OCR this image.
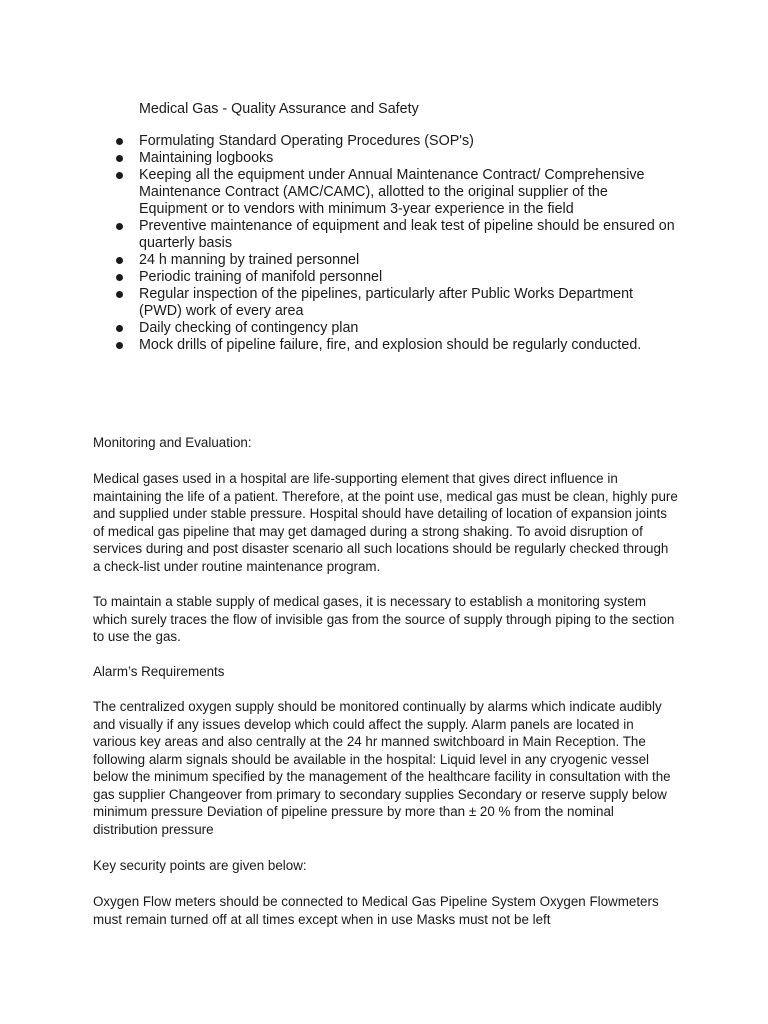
Medical Gas - Quality Assurance and Safety
Formulating Standard Operating Procedures (SOP's)
Maintaining logbooks
Keeping all the equipment under Annual Maintenance Contract/ Comprehensive Maintenance Contract (AMC/CAMC), allotted to the original supplier of the Equipment or to vendors with minimum 3-year experience in the field
Preventive maintenance of equipment and leak test of pipeline should be ensured on quarterly basis
24 h manning by trained personnel
Periodic training of manifold personnel
Regular inspection of the pipelines, particularly after Public Works Department (PWD) work of every area
Daily checking of contingency plan
Mock drills of pipeline failure, fire, and explosion should be regularly conducted.
Monitoring and Evaluation:

Medical gases used in a hospital are life-supporting element that gives direct influence in maintaining the life of a patient. Therefore, at the point use, medical gas must be clean, highly pure and supplied under stable pressure. Hospital should have detailing of location of expansion joints of medical gas pipeline that may get damaged during a strong shaking. To avoid disruption of services during and post disaster scenario all such locations should be regularly checked through a check-list under routine maintenance program.

To maintain a stable supply of medical gases, it is necessary to establish a monitoring system which surely traces the flow of invisible gas from the source of supply through piping to the section to use the gas.

Alarm’s Requirements

The centralized oxygen supply should be monitored continually by alarms which indicate audibly and visually if any issues develop which could affect the supply. Alarm panels are located in various key areas and also centrally at the 24 hr manned switchboard in Main Reception. The following alarm signals should be available in the hospital: Liquid level in any cryogenic vessel below the minimum specified by the management of the healthcare facility in consultation with the gas supplier Changeover from primary to secondary supplies Secondary or reserve supply below minimum pressure Deviation of pipeline pressure by more than ± 20 % from the nominal distribution pressure

Key security points are given below:

Oxygen Flow meters should be connected to Medical Gas Pipeline System Oxygen Flowmeters must remain turned off at all times except when in use Masks must not be left
